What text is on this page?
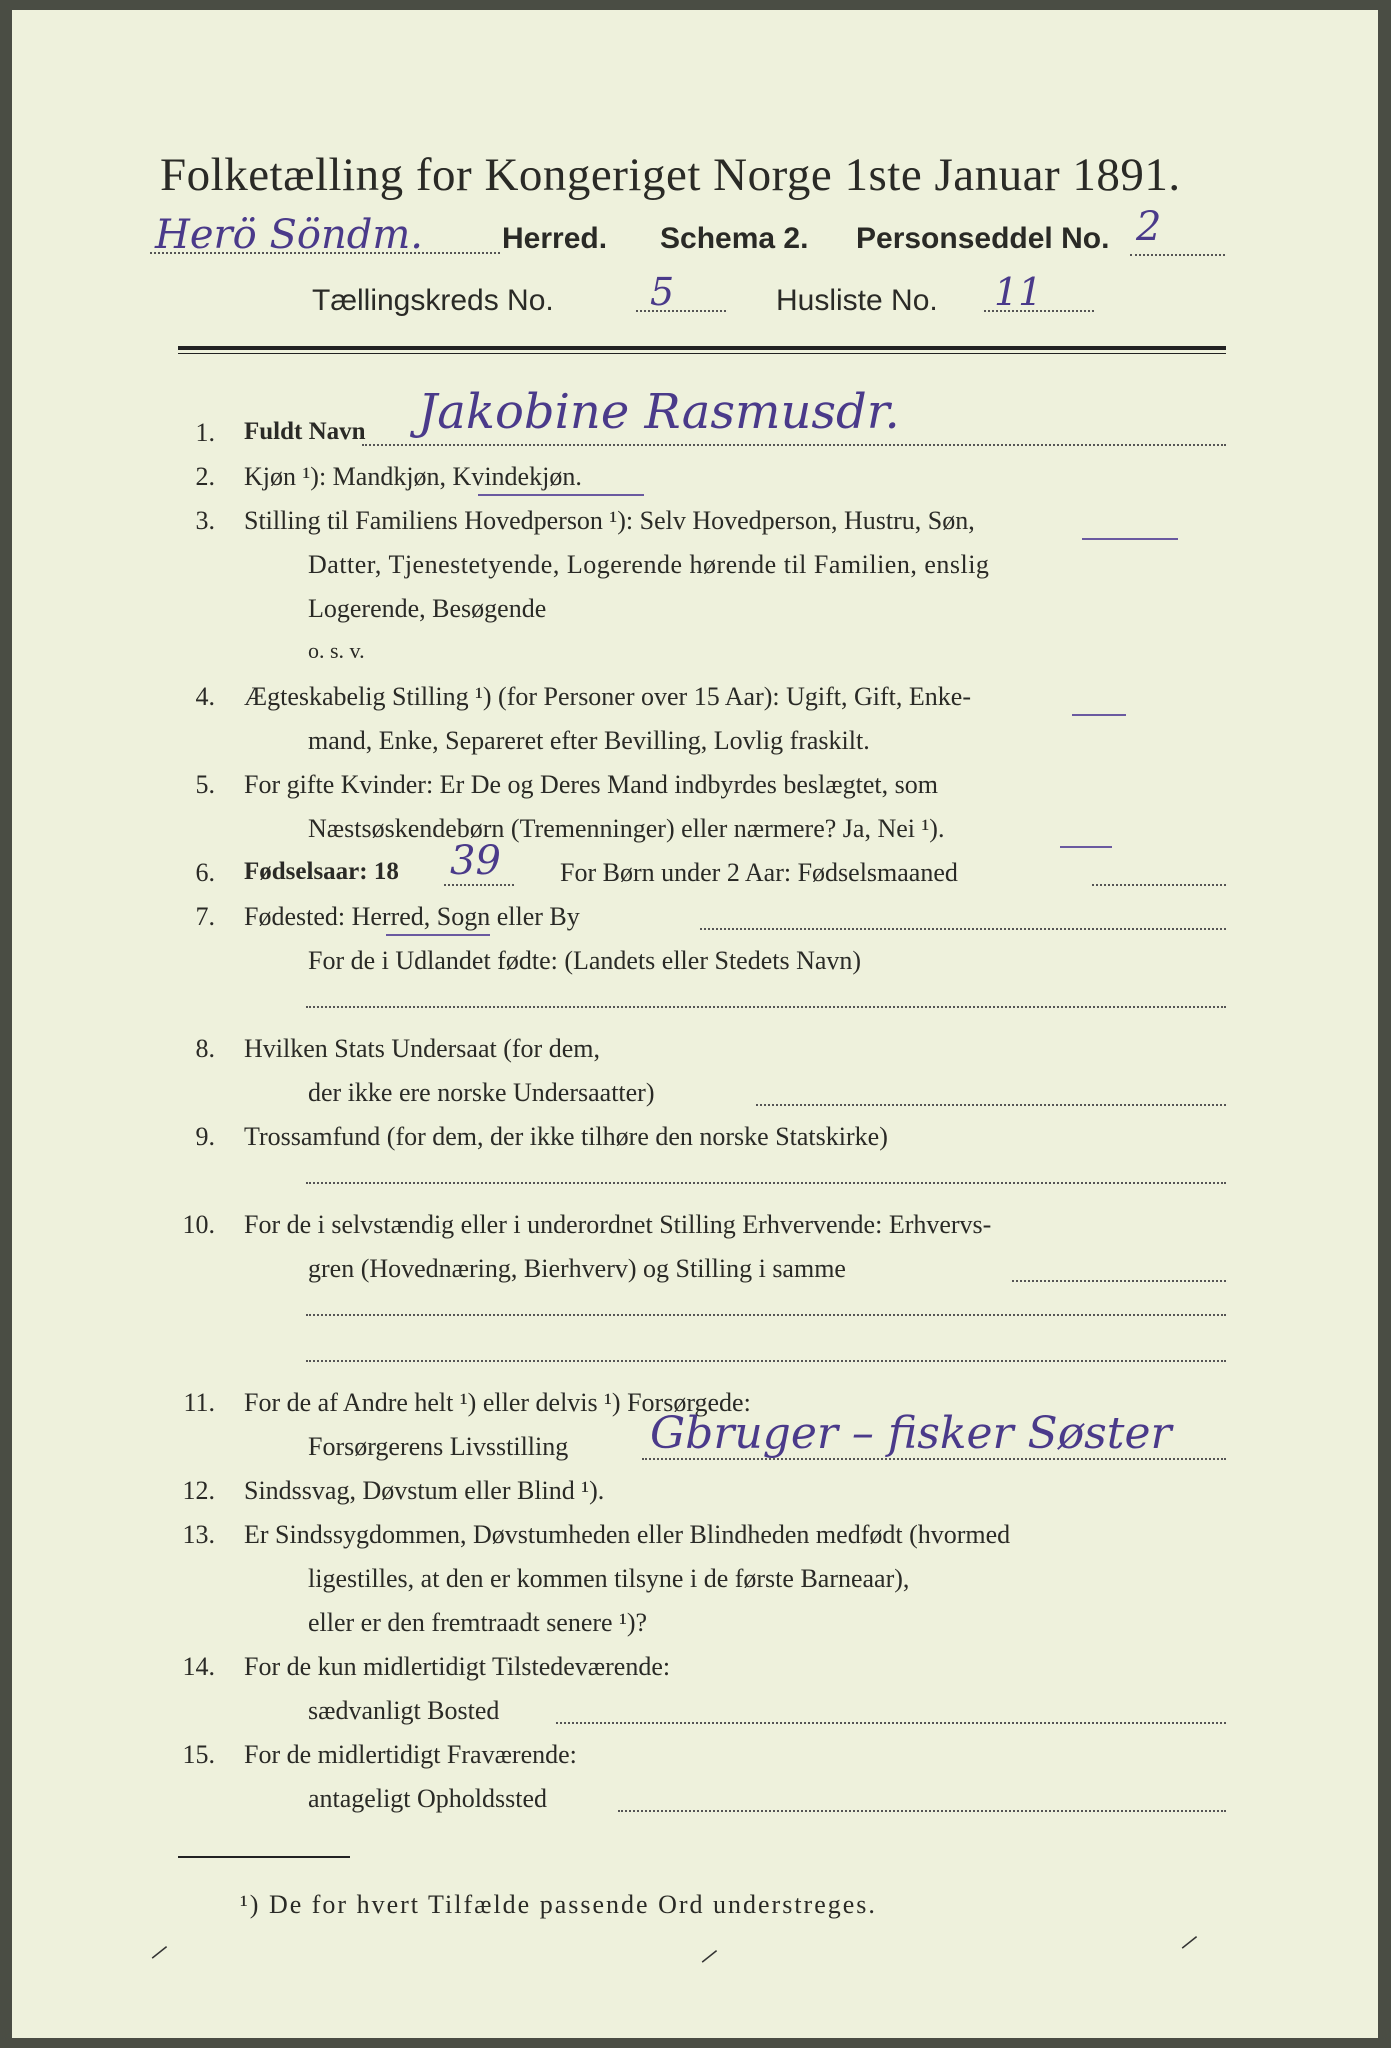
Folketælling for Kongeriget Norge 1ste Januar 1891.
Herö Söndm.	Herred. Schema 2. Personseddel No. 2
Tællingskreds No.	5	Husliste No. 11
1. Fuldt Navn Jakobine Rasmusdr.
2. Kjøn ¹): Mandkjøn, Kvindekjøn.
3. Stilling til Familiens Hovedperson ¹): Selv Hovedperson, Hustru, Søn,
Datter, Tjenestetyende, Logerende hørende til Familien, enslig
Logerende, Besøgende
o. s. v.
4. Ægteskabelig Stilling ¹) (for Personer over 15 Aar): Ugift, Gift, Enke-
mand, Enke, Separeret efter Bevilling, Lovlig fraskilt.
5. For gifte Kvinder: Er De og Deres Mand indbyrdes beslægtet, som
Næstsøskendebørn (Tremenninger) eller nærmere? Ja, Nei ¹).
6. Fødselsaar: 18 39 For Børn under 2 Aar: Fødselsmaaned
7. Fødested: Herred, Sogn eller By
For de i Udlandet fødte: (Landets eller Stedets Navn)
8. Hvilken Stats Undersaat (for dem,
der ikke ere norske Undersaatter)
9. Trossamfund (for dem, der ikke tilhøre den norske Statskirke)
10. For de i selvstændig eller i underordnet Stilling Erhvervende: Erhvervs-
gren (Hovednæring, Bierhverv) og Stilling i samme
11. For de af Andre helt ¹) eller delvis ¹) Forsørgede:
Forsørgerens Livsstilling Gbruger – fisker Søster
12. Sindssvag, Døvstum eller Blind ¹).
13. Er Sindssygdommen, Døvstumheden eller Blindheden medfødt (hvormed
ligestilles, at den er kommen tilsyne i de første Barneaar),
eller er den fremtraadt senere ¹)?
14. For de kun midlertidigt Tilstedeværende:
sædvanligt Bosted
15. For de midlertidigt Fraværende:
antageligt Opholdssted
¹) De for hvert Tilfælde passende Ord understreges.
⸝	⸝	⸝
